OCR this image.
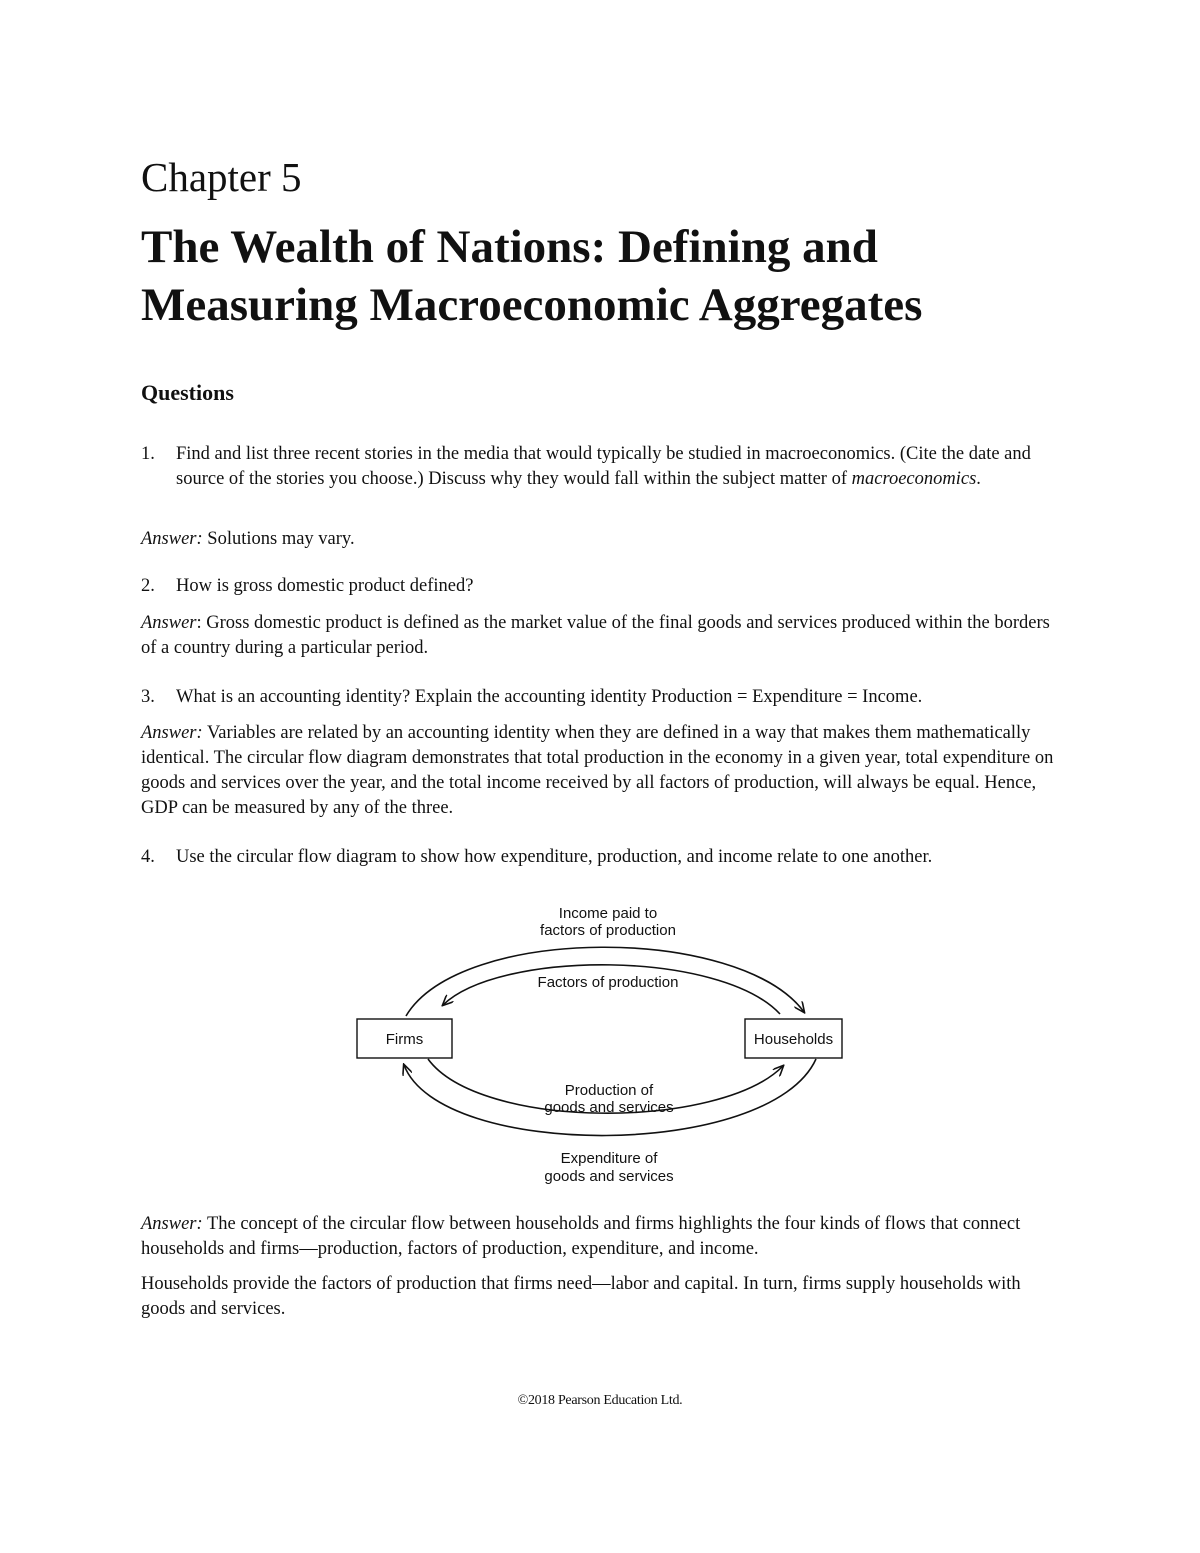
Chapter 5
The Wealth of Nations: Defining and
Measuring Macroeconomic Aggregates
Questions
1. Find and list three recent stories in the media that would typically be studied in macroeconomics. (Cite the date and source of the stories you choose.) Discuss why they would fall within the subject matter of macroeconomics.
Answer: Solutions may vary.
2. How is gross domestic product defined?
Answer: Gross domestic product is defined as the market value of the final goods and services produced within the borders of a country during a particular period.
3. What is an accounting identity? Explain the accounting identity Production = Expenditure = Income.
Answer: Variables are related by an accounting identity when they are defined in a way that makes them mathematically identical. The circular flow diagram demonstrates that total production in the economy in a given year, total expenditure on goods and services over the year, and the total income received by all factors of production, will always be equal. Hence, GDP can be measured by any of the three.
4. Use the circular flow diagram to show how expenditure, production, and income relate to one another.
Firms	Households
Income paid to
factors of production
Factors of production
Production of
goods and services
Expenditure of
goods and services
Answer: The concept of the circular flow between households and firms highlights the four kinds of flows that connect households and firms—production, factors of production, expenditure, and income.
Households provide the factors of production that firms need—labor and capital. In turn, firms supply households with goods and services.
©2018 Pearson Education Ltd.
